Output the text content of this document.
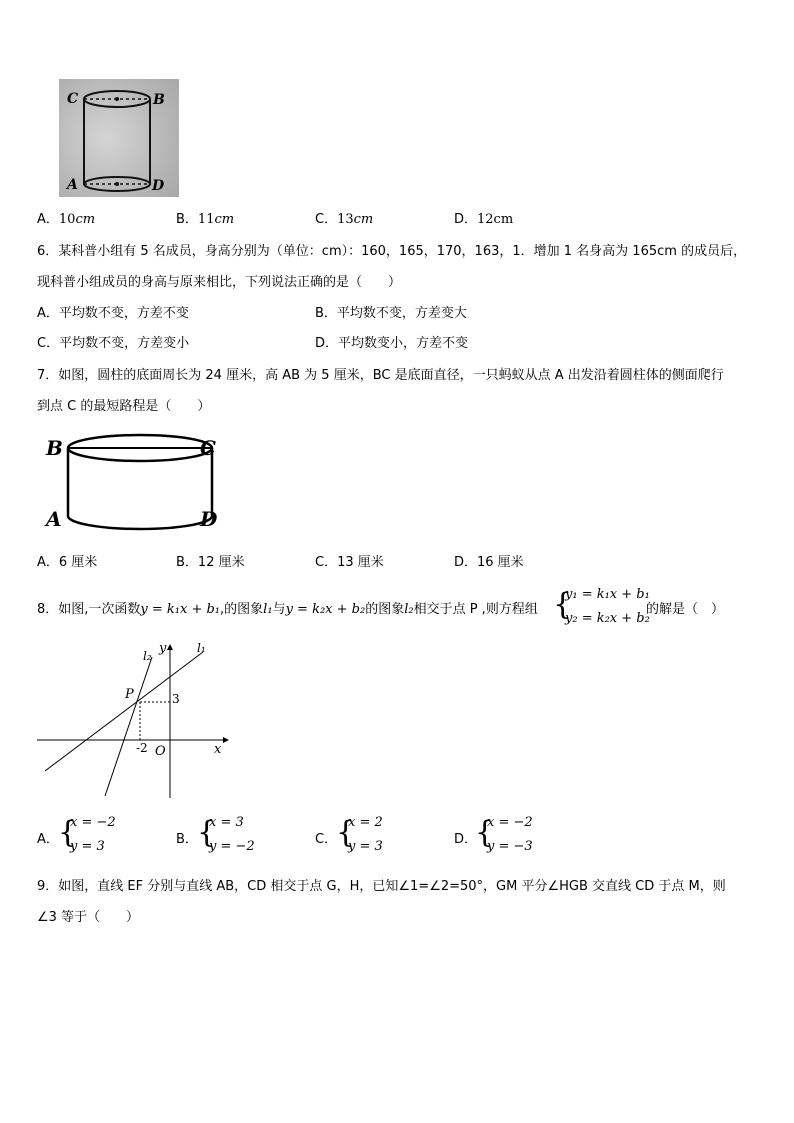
C	B
A	D
A．10cm	B．11cm	C．13cm	D．12cm
6．某科普小组有 5 名成员，身高分别为（单位：cm）：160，165，170，163，1．增加 1 名身高为 165cm 的成员后，
现科普小组成员的身高与原来相比，下列说法正确的是（　　）
A．平均数不变，方差不变	B．平均数不变，方差变大
C．平均数不变，方差变小	D．平均数变小，方差不变
7．如图，圆柱的底面周长为 24 厘米，高 AB 为 5 厘米，BC 是底面直径，一只蚂蚁从点 A 出发沿着圆柱体的侧面爬行
到点 C 的最短路程是（　　）
B	C
A	D
A．6 厘米	B．12 厘米	C．13 厘米	D．16 厘米
8．如图,一次函数y = k₁x + b₁,的图象l₁与y = k₂x + b₂的图象l₂相交于点 P ,则方程组 {
y₁ = k₁x + b₁
y₂ = k₂x + b₂
的解是（　）
P	3
-2 O	x
y	l₁
l₂
A． {
x = −2
y = 3	B． {
x = 3
y = −2	C．
{
x = 2
y = 3	D．
{
x = −2
y = −3
9．如图，直线 EF 分别与直线 AB，CD 相交于点 G，H，已知∠1=∠2=50°，GM 平分∠HGB 交直线 CD 于点 M，则
∠3 等于（　　）
